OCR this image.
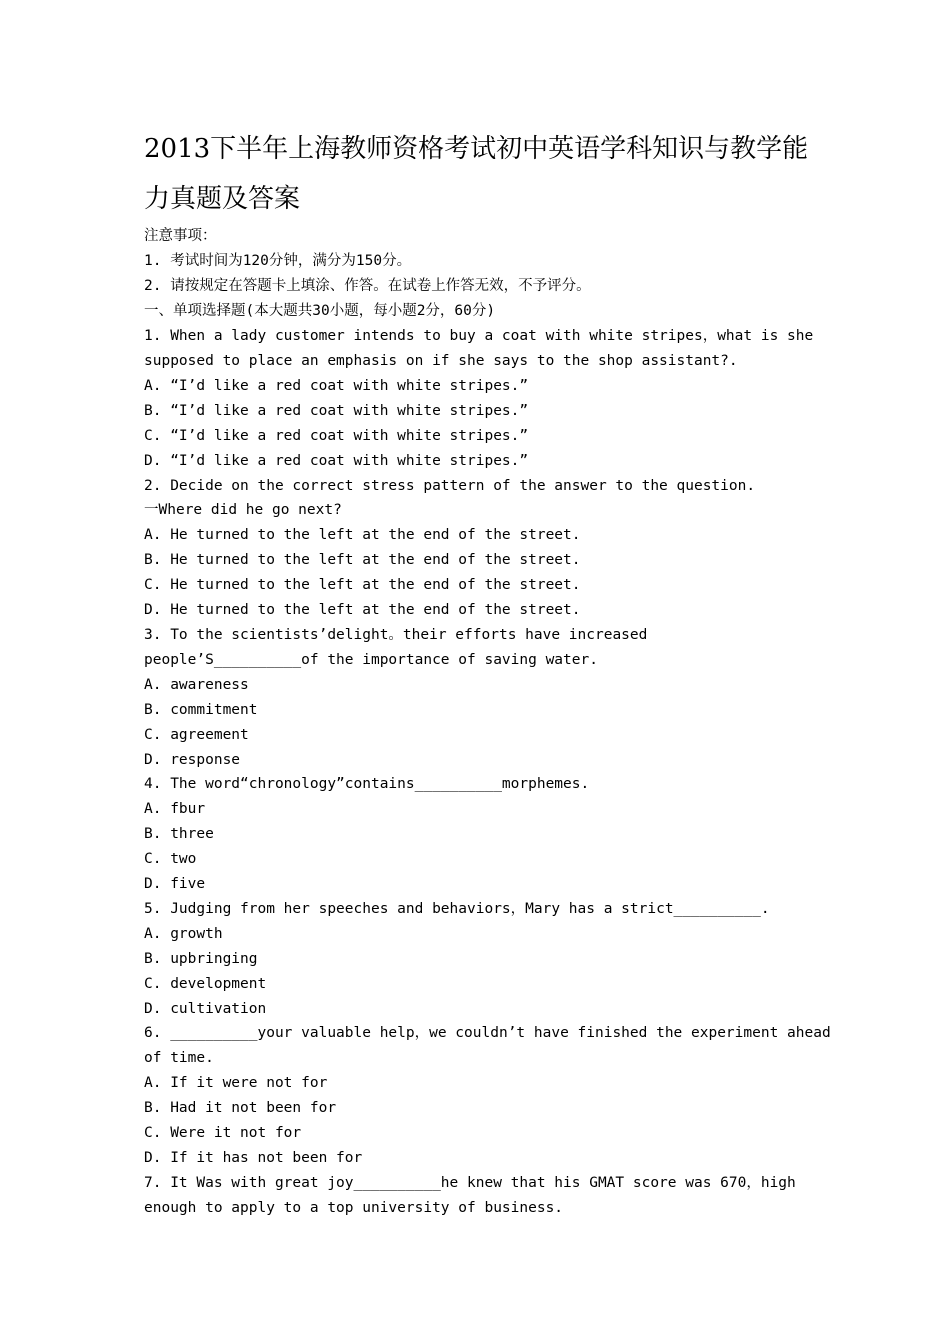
2013下半年上海教师资格考试初中英语学科知识与教学能
力真题及答案
注意事项：
1. 考试时间为120分钟，满分为150分。
2. 请按规定在答题卡上填涂、作答。在试卷上作答无效，不予评分。
一、单项选择题(本大题共30小题，每小题2分，60分)
1. When a lady customer intends to buy a coat with white stripes，what is she
supposed to place an emphasis on if she says to the shop assistant?.
A. “I’d like a red coat with white stripes.”
B. “I’d like a red coat with white stripes.”
C. “I’d like a red coat with white stripes.”
D. “I’d like a red coat with white stripes.”
2. Decide on the correct stress pattern of the answer to the question.
一Where did he go next?
A. He turned to the left at the end of the street.
B. He turned to the left at the end of the street.
C. He turned to the left at the end of the street.
D. He turned to the left at the end of the street.
3. To the scientists’delight。their efforts have increased
people’S__________of the importance of saving water.
A. awareness
B. commitment
C. agreement
D. response
4. The word“chronology”contains__________morphemes.
A. fbur
B. three
C. two
D. five
5. Judging from her speeches and behaviors，Mary has a strict__________.
A. growth
B. upbringing
C. development
D. cultivation
6. __________your valuable help，we couldn’t have finished the experiment ahead
of time.
A. If it were not for
B. Had it not been for
C. Were it not for
D. If it has not been for
7. It Was with great joy__________he knew that his GMAT score was 670，high
enough to apply to a top university of business.
